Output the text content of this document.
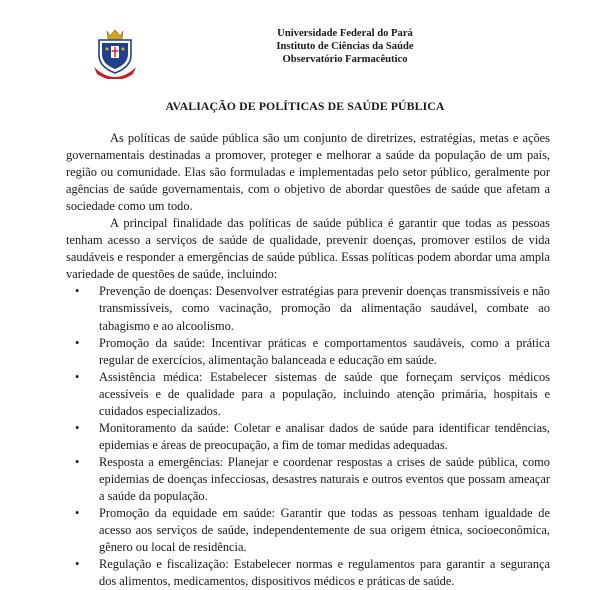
Universidade Federal do Pará
Instituto de Ciências da Saúde
Observatório Farmacêutico
AVALIAÇÃO DE POLÍTICAS DE SAÚDE PÚBLICA

As políticas de saúde pública são um conjunto de diretrizes, estratégias, metas e ações governamentais destinadas a promover, proteger e melhorar a saúde da população de um país, região ou comunidade. Elas são formuladas e implementadas pelo setor público, geralmente por agências de saúde governamentais, com o objetivo de abordar questões de saúde que afetam a sociedade como um todo.

A principal finalidade das políticas de saúde pública é garantir que todas as pessoas tenham acesso a serviços de saúde de qualidade, prevenir doenças, promover estilos de vida saudáveis e responder a emergências de saúde pública. Essas políticas podem abordar uma ampla variedade de questões de saúde, incluindo:

• Prevenção de doenças: Desenvolver estratégias para prevenir doenças transmissíveis e não transmissíveis, como vacinação, promoção da alimentação saudável, combate ao tabagismo e ao alcoolismo.
• Promoção da saúde: Incentivar práticas e comportamentos saudáveis, como a prática regular de exercícios, alimentação balanceada e educação em saúde.
• Assistência médica: Estabelecer sistemas de saúde que forneçam serviços médicos acessíveis e de qualidade para a população, incluindo atenção primária, hospitais e cuidados especializados.
• Monitoramento da saúde: Coletar e analisar dados de saúde para identificar tendências, epidemias e áreas de preocupação, a fim de tomar medidas adequadas.
• Resposta a emergências: Planejar e coordenar respostas a crises de saúde pública, como epidemias de doenças infecciosas, desastres naturais e outros eventos que possam ameaçar a saúde da população.
• Promoção da equidade em saúde: Garantir que todas as pessoas tenham igualdade de acesso aos serviços de saúde, independentemente de sua origem étnica, socioeconômica, gênero ou local de residência.
• Regulação e fiscalização: Estabelecer normas e regulamentos para garantir a segurança dos alimentos, medicamentos, dispositivos médicos e práticas de saúde.
